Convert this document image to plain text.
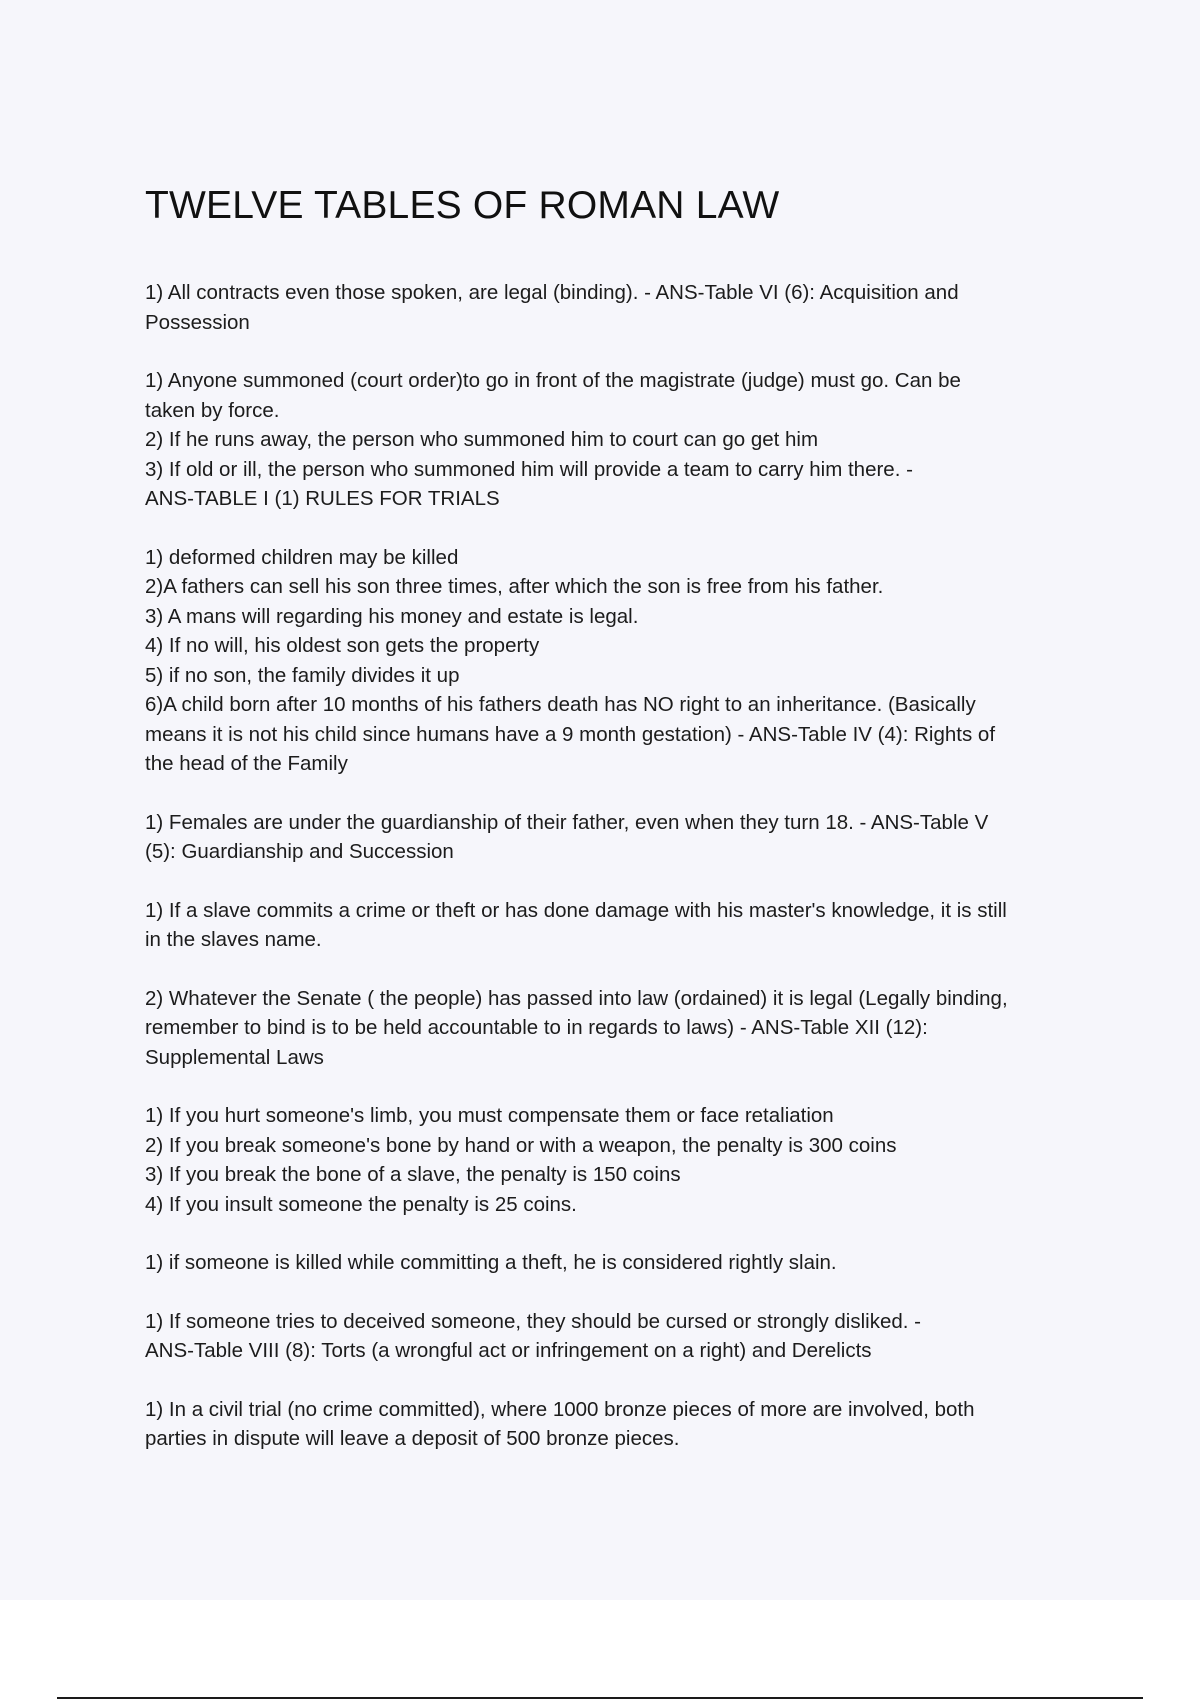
TWELVE TABLES OF ROMAN LAW
1) All contracts even those spoken, are legal (binding). - ANS-Table VI (6): Acquisition and
Possession
1) Anyone summoned (court order)to go in front of the magistrate (judge) must go. Can be
taken by force.
2) If he runs away, the person who summoned him to court can go get him
3) If old or ill, the person who summoned him will provide a team to carry him there. -
ANS-TABLE I (1) RULES FOR TRIALS
1) deformed children may be killed
2)A fathers can sell his son three times, after which the son is free from his father.
3) A mans will regarding his money and estate is legal.
4) If no will, his oldest son gets the property
5) if no son, the family divides it up
6)A child born after 10 months of his fathers death has NO right to an inheritance. (Basically
means it is not his child since humans have a 9 month gestation) - ANS-Table IV (4): Rights of
the head of the Family
1) Females are under the guardianship of their father, even when they turn 18. - ANS-Table V
(5): Guardianship and Succession
1) If a slave commits a crime or theft or has done damage with his master's knowledge, it is still
in the slaves name.
2) Whatever the Senate ( the people) has passed into law (ordained) it is legal (Legally binding,
remember to bind is to be held accountable to in regards to laws) - ANS-Table XII (12):
Supplemental Laws
1) If you hurt someone's limb, you must compensate them or face retaliation
2) If you break someone's bone by hand or with a weapon, the penalty is 300 coins
3) If you break the bone of a slave, the penalty is 150 coins
4) If you insult someone the penalty is 25 coins.
1) if someone is killed while committing a theft, he is considered rightly slain.
1) If someone tries to deceived someone, they should be cursed or strongly disliked. -
ANS-Table VIII (8): Torts (a wrongful act or infringement on a right) and Derelicts
1) In a civil trial (no crime committed), where 1000 bronze pieces of more are involved, both
parties in dispute will leave a deposit of 500 bronze pieces.
